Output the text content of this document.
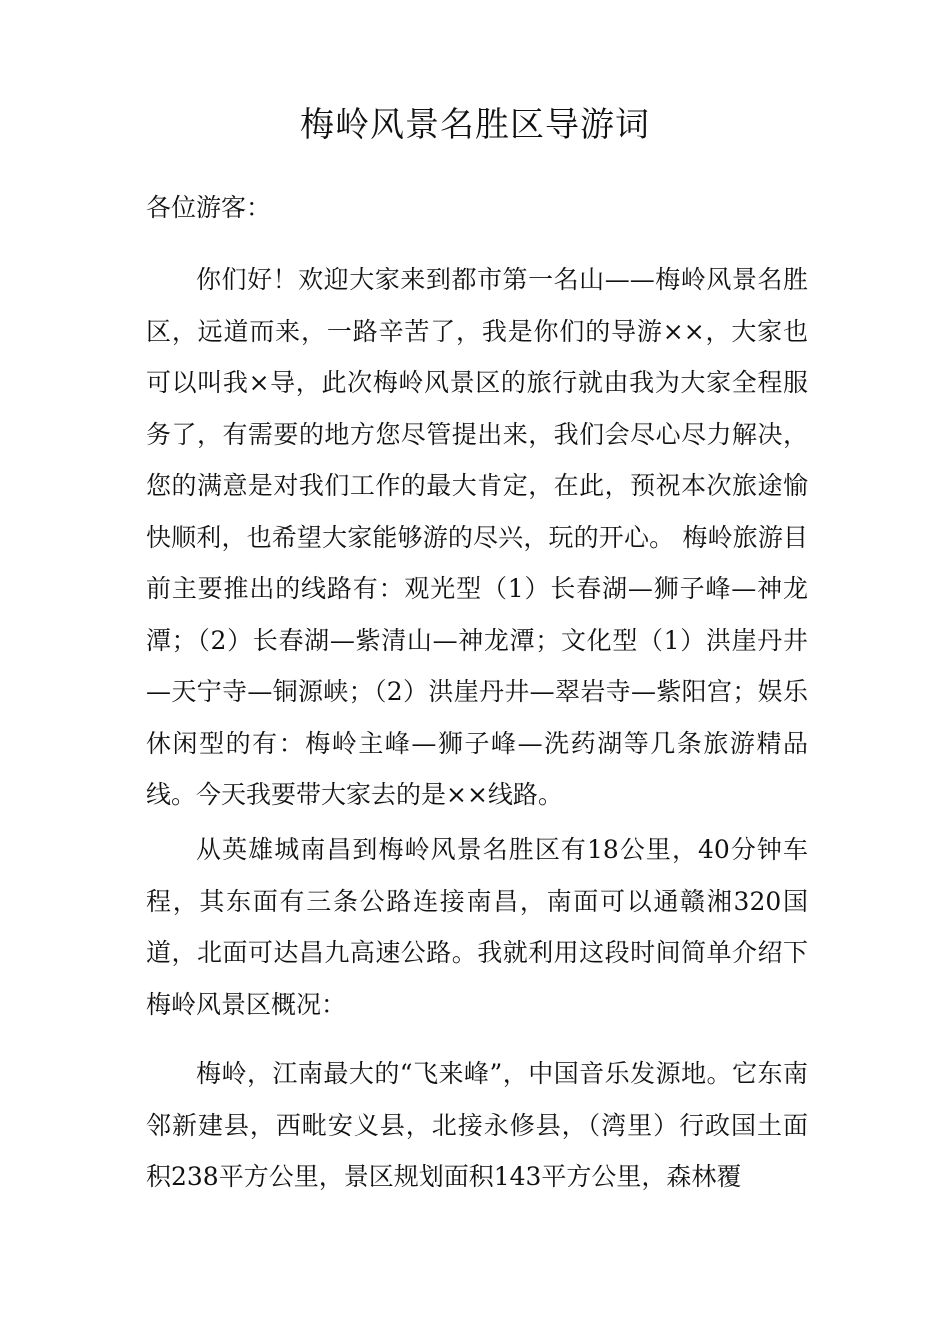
梅岭风景名胜区导游词
各位游客：

你们好！欢迎大家来到都市第一名山——梅岭风景名胜区，远道而来，一路辛苦了，我是你们的导游××，大家也可以叫我×导，此次梅岭风景区的旅行就由我为大家全程服务了，有需要的地方您尽管提出来，我们会尽心尽力解决，您的满意是对我们工作的最大肯定，在此，预祝本次旅途愉快顺利，也希望大家能够游的尽兴，玩的开心。 梅岭旅游目前主要推出的线路有：观光型（1）长春湖—狮子峰—神龙潭；（2）长春湖—紫清山—神龙潭；文化型（1）洪崖丹井—天宁寺—铜源峡；（2）洪崖丹井—翠岩寺—紫阳宫；娱乐休闲型的有：梅岭主峰—狮子峰—洗药湖等几条旅游精品线。今天我要带大家去的是××线路。

从英雄城南昌到梅岭风景名胜区有18公里，40分钟车程，其东面有三条公路连接南昌，南面可以通赣湘320国道，北面可达昌九高速公路。我就利用这段时间简单介绍下梅岭风景区概况：

梅岭，江南最大的“飞来峰”，中国音乐发源地。它东南邻新建县，西毗安义县，北接永修县，（湾里）行政国土面积238平方公里，景区规划面积143平方公里，森林覆
